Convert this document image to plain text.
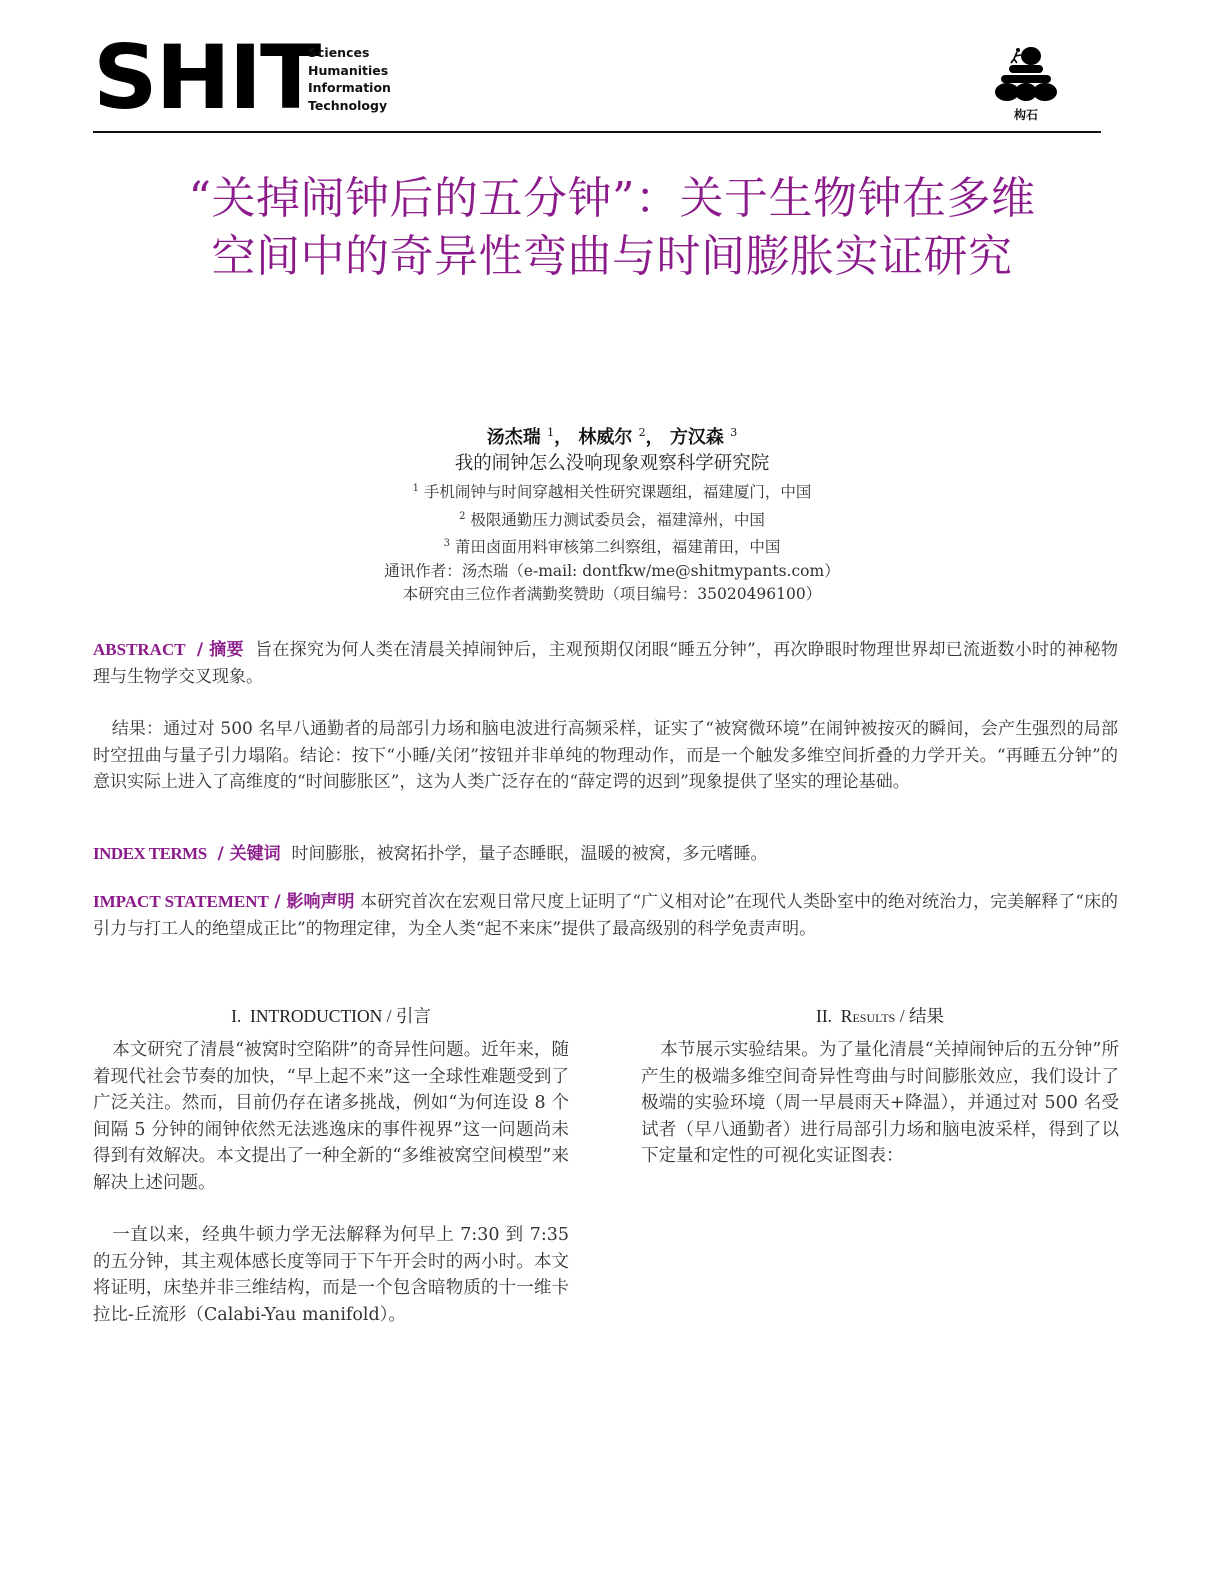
SHIT
Sciences
Humanities
Information
Technology
构石
“关掉闹钟后的五分钟”：关于生物钟在多维
空间中的奇异性弯曲与时间膨胀实证研究
汤杰瑞 $^1$， 林威尔 $^2$， 方汉森 $^3$
我的闹钟怎么没响现象观察科学研究院
$^1$ 手机闹钟与时间穿越相关性研究课题组，福建厦门，中国
$^2$ 极限通勤压力测试委员会，福建漳州，中国
$^3$ 莆田卤面用料审核第二纠察组，福建莆田，中国
通讯作者：汤杰瑞（e-mail: dontfkw/me@shitmypants.com）
本研究由三位作者满勤奖赞助（项目编号：35020496100）
ABSTRACT / 摘要 旨在探究为何人类在清晨关掉闹钟后，主观预期仅闭眼“睡五分钟”，再次睁眼时物理世界却已流逝数小时的神秘物理与生物学交叉现象。
结果：通过对 500 名早八通勤者的局部引力场和脑电波进行高频采样，证实了“被窝微环境”在闹钟被按灭的瞬间，会产生强烈的局部时空扭曲与量子引力塌陷。结论：按下“小睡/关闭”按钮并非单纯的物理动作，而是一个触发多维空间折叠的力学开关。“再睡五分钟”的意识实际上进入了高维度的“时间膨胀区”，这为人类广泛存在的“薛定谔的迟到”现象提供了坚实的理论基础。
INDEX TERMS / 关键词 时间膨胀，被窝拓扑学，量子态睡眠，温暖的被窝，多元嗜睡。
IMPACT STATEMENT / 影响声明 本研究首次在宏观日常尺度上证明了“广义相对论”在现代人类卧室中的绝对统治力，完美解释了“床的引力与打工人的绝望成正比”的物理定律，为全人类“起不来床”提供了最高级别的科学免责声明。
I. INTRODUCTION / 引言

本文研究了清晨“被窝时空陷阱”的奇异性问题。近年来，随着现代社会节奏的加快，“早上起不来”这一全球性难题受到了广泛关注。然而，目前仍存在诸多挑战，例如“为何连设 8 个间隔 5 分钟的闹钟依然无法逃逸床的事件视界”这一问题尚未得到有效解决。本文提出了一种全新的“多维被窝空间模型”来解决上述问题。

一直以来，经典牛顿力学无法解释为何早上 7:30 到 7:35 的五分钟，其主观体感长度等同于下午开会时的两小时。本文将证明，床垫并非三维结构，而是一个包含暗物质的十一维卡拉比-丘流形（Calabi-Yau manifold）。

II. Results / 结果

本节展示实验结果。为了量化清晨“关掉闹钟后的五分钟”所产生的极端多维空间奇异性弯曲与时间膨胀效应，我们设计了极端的实验环境（周一早晨雨天+降温），并通过对 500 名受试者（早八通勤者）进行局部引力场和脑电波采样，得到了以下定量和定性的可视化实证图表：
